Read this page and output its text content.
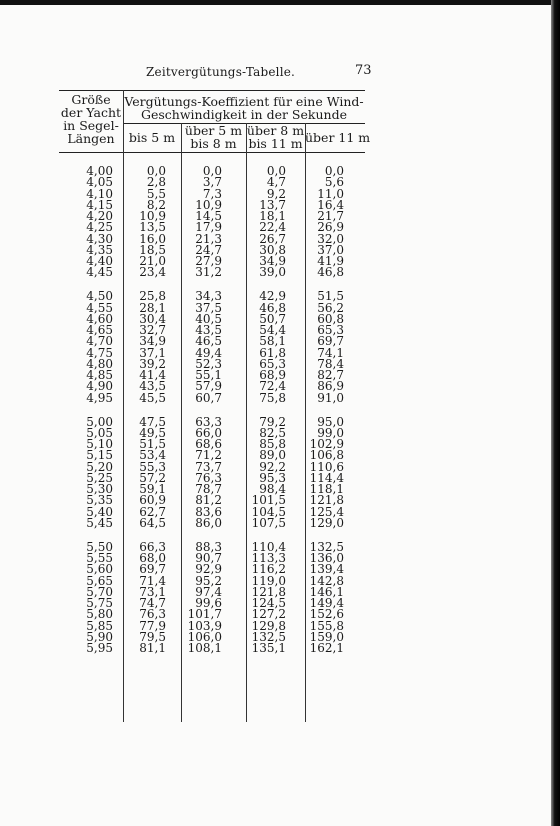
Zeitvergütungs-Tabelle.	73
Größe
der Yacht
in Segel-
Längen
Vergütungs-Koeffizient für eine Wind-
Geschwindigkeit in der Sekunde
bis 5 m über 5 m
bis 8 m
über 8 m
bis 11 m über 11 m
4,00
4,05
4,10
4,15
4,20
4,25
4,30
4,35
4,40
4,45
4,50
4,55
4,60
4,65
4,70
4,75
4,80
4,85
4,90
4,95
5,00
5,05
5,10
5,15
5,20
5,25
5,30
5,35
5,40
5,45
5,50
5,55
5,60
5,65
5,70
5,75
5,80
5,85
5,90
5,95
0,0
2,8
5,5
8,2
10,9
13,5
16,0
18,5
21,0
23,4
25,8
28,1
30,4
32,7
34,9
37,1
39,2
41,4
43,5
45,5
47,5
49,5
51,5
53,4
55,3
57,2
59,1
60,9
62,7
64,5
66,3
68,0
69,7
71,4
73,1
74,7
76,3
77,9
79,5
81,1
0,0
3,7
7,3
10,9
14,5
17,9
21,3
24,7
27,9
31,2
34,3
37,5
40,5
43,5
46,5
49,4
52,3
55,1
57,9
60,7
63,3
66,0
68,6
71,2
73,7
76,3
78,7
81,2
83,6
86,0
88,3
90,7
92,9
95,2
97,4
99,6
101,7
103,9
106,0
108,1
0,0
4,7
9,2
13,7
18,1
22,4
26,7
30,8
34,9
39,0
42,9
46,8
50,7
54,4
58,1
61,8
65,3
68,9
72,4
75,8
79,2
82,5
85,8
89,0
92,2
95,3
98,4
101,5
104,5
107,5
110,4
113,3
116,2
119,0
121,8
124,5
127,2
129,8
132,5
135,1
0,0
5,6
11,0
16,4
21,7
26,9
32,0
37,0
41,9
46,8
51,5
56,2
60,8
65,3
69,7
74,1
78,4
82,7
86,9
91,0
95,0
99,0
102,9
106,8
110,6
114,4
118,1
121,8
125,4
129,0
132,5
136,0
139,4
142,8
146,1
149,4
152,6
155,8
159,0
162,1
